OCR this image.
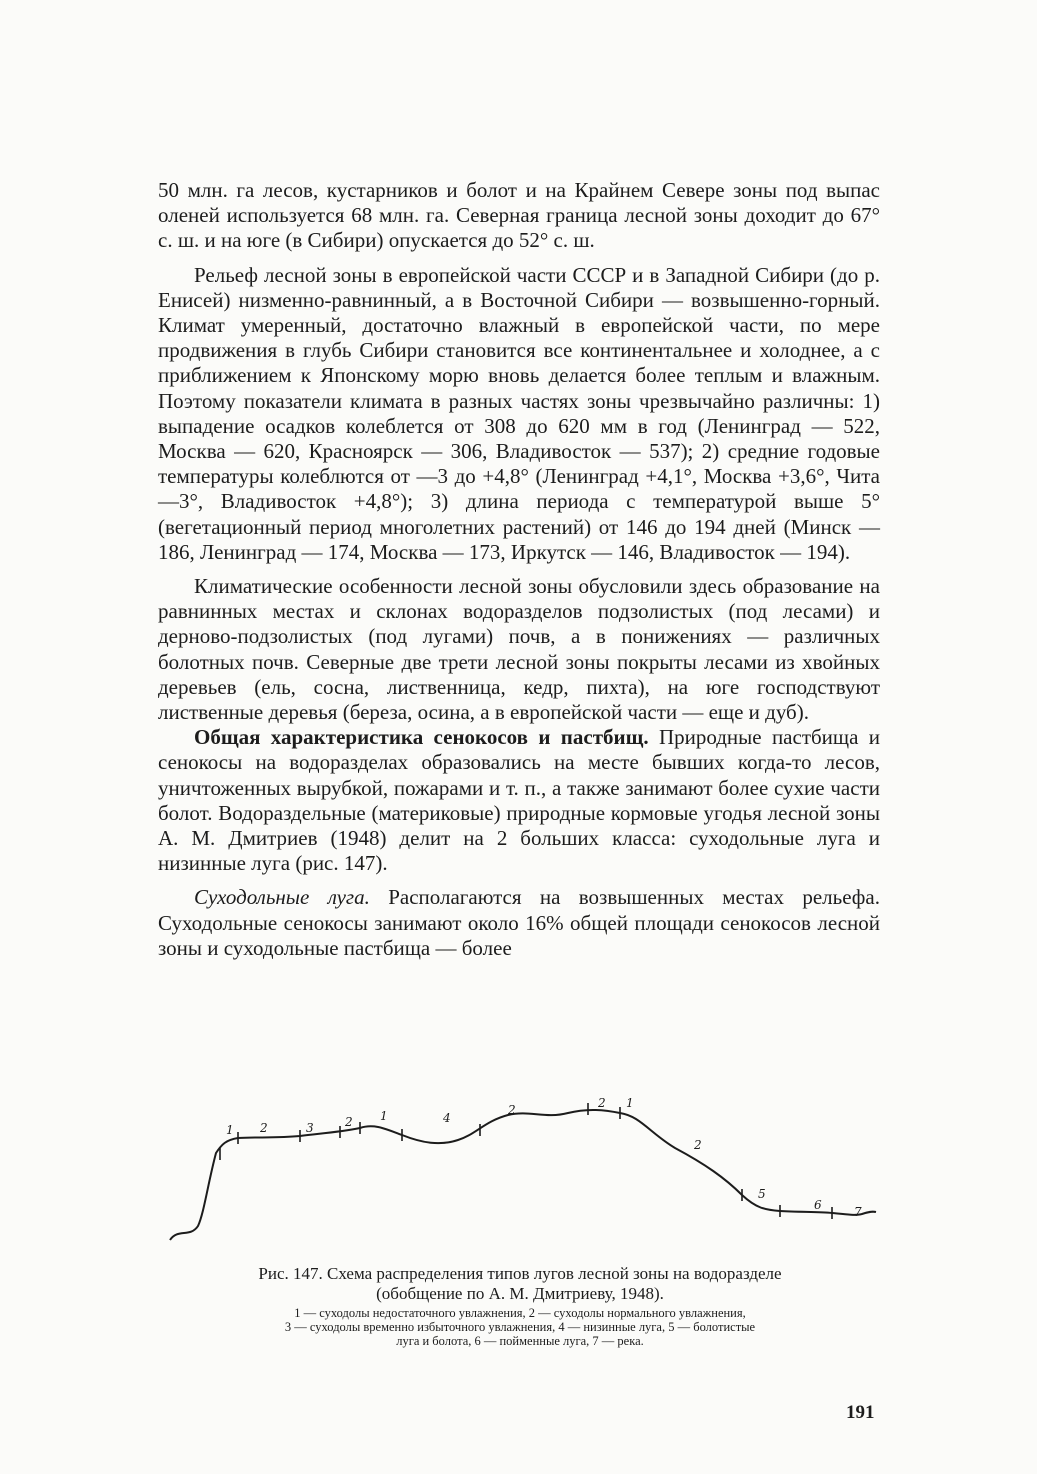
50 млн. га лесов, кустарников и болот и на Крайнем Севере зоны под выпас оленей используется 68 млн. га. Северная граница лесной зоны доходит до 67° с. ш. и на юге (в Сибири) опускается до 52° с. ш.

Рельеф лесной зоны в европейской части СССР и в Западной Сибири (до р. Енисей) низменно-равнинный, а в Восточной Сибири — возвышенно-горный. Климат умеренный, достаточно влажный в европейской части, по мере продвижения в глубь Сибири становится все континентальнее и холоднее, а с приближением к Японскому морю вновь делается более теплым и влажным. Поэтому показатели климата в разных частях зоны чрезвычайно различны: 1) выпадение осадков колеблется от 308 до 620 мм в год (Ленинград — 522, Москва — 620, Красноярск — 306, Владивосток — 537); 2) средние годовые температуры колеблются от —3 до +4,8° (Ленинград +4,1°, Москва +3,6°, Чита —3°, Владивосток +4,8°); 3) длина периода с температурой выше 5° (вегетационный период многолетних растений) от 146 до 194 дней (Минск — 186, Ленинград — 174, Москва — 173, Иркутск — 146, Владивосток — 194).

Климатические особенности лесной зоны обусловили здесь образование на равнинных местах и склонах водоразделов подзолистых (под лесами) и дерново-подзолистых (под лугами) почв, а в понижениях — различных болотных почв. Северные две трети лесной зоны покрыты лесами из хвойных деревьев (ель, сосна, лиственница, кедр, пихта), на юге господствуют лиственные деревья (береза, осина, а в европейской части — еще и дуб).

Общая характеристика сенокосов и пастбищ. Природные пастбища и сенокосы на водоразделах образовались на месте бывших когда-то лесов, уничтоженных вырубкой, пожарами и т. п., а также занимают более сухие части болот. Водораздельные (материковые) природные кормовые угодья лесной зоны А. М. Дмитриев (1948) делит на 2 больших класса: суходольные луга и низинные луга (рис. 147).

Суходольные луга. Располагаются на возвышенных местах рельефа. Суходольные сенокосы занимают около 16% общей площади сенокосов лесной зоны и суходольные пастбища — более

1 2	3	2 1	4
2	2 1
2
5
6	7
Рис. 147. Схема распределения типов лугов лесной зоны на водоразделе
(обобщение по А. М. Дмитриеву, 1948).
1 — суходолы недостаточного увлажнения, 2 — суходолы нормального увлажнения,
3 — суходолы временно избыточного увлажнения, 4 — низинные луга, 5 — болотистые
луга и болота, 6 — пойменные луга, 7 — река.
191
